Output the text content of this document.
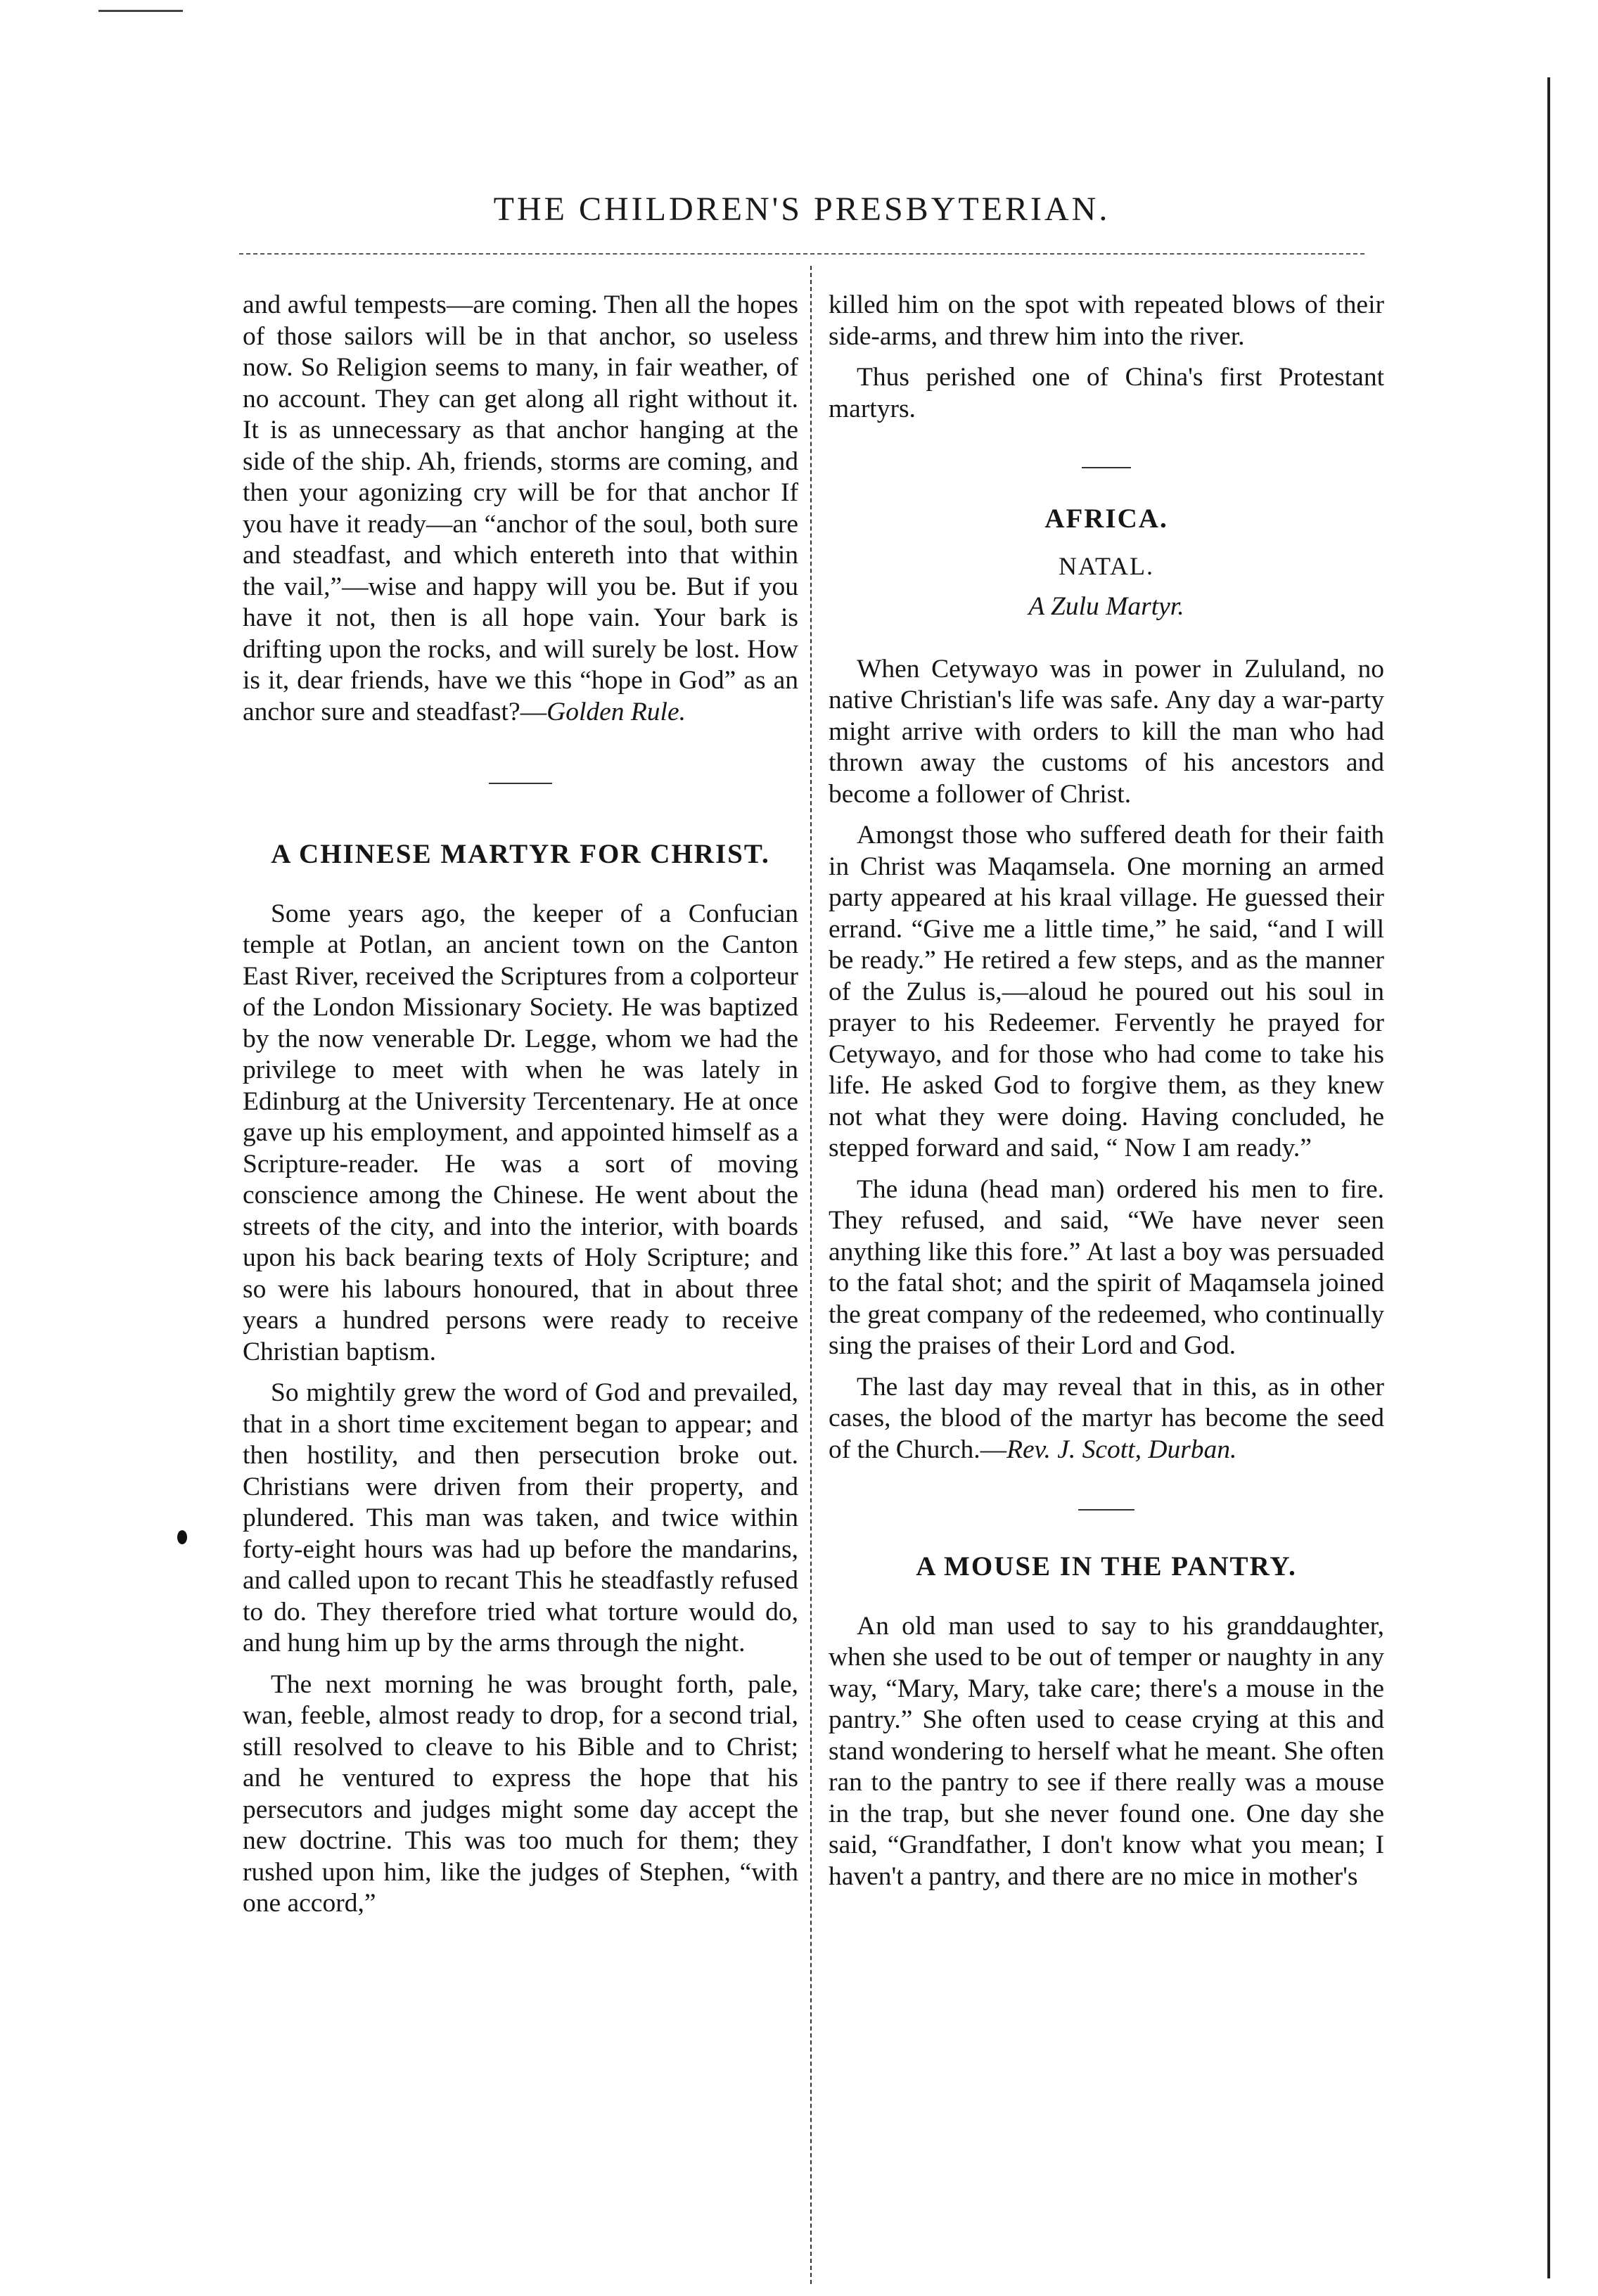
THE CHILDREN'S PRESBYTERIAN.

and awful tempests—are coming. Then all the hopes of those sailors will be in that anchor, so useless now. So Religion seems to many, in fair weather, of no account. They can get along all right without it. It is as unnecessary as that anchor hanging at the side of the ship. Ah, friends, storms are coming, and then your agonizing cry will be for that anchor If you have it ready—an “anchor of the soul, both sure and steadfast, and which entereth into that within the vail,”—wise and happy will you be. But if you have it not, then is all hope vain. Your bark is drifting upon the rocks, and will surely be lost. How is it, dear friends, have we this “hope in God” as an anchor sure and steadfast?—Golden Rule.

A CHINESE MARTYR FOR CHRIST.

Some years ago, the keeper of a Confucian temple at Potlan, an ancient town on the Canton East River, received the Scriptures from a colporteur of the London Missionary Society. He was baptized by the now venerable Dr. Legge, whom we had the privilege to meet with when he was lately in Edinburg at the University Tercentenary. He at once gave up his employment, and appointed himself as a Scripture-reader. He was a sort of moving conscience among the Chinese. He went about the streets of the city, and into the interior, with boards upon his back bearing texts of Holy Scripture; and so were his labours honoured, that in about three years a hundred persons were ready to receive Christian baptism.

So mightily grew the word of God and prevailed, that in a short time excitement began to appear; and then hostility, and then persecution broke out. Christians were driven from their property, and plundered. This man was taken, and twice within forty-eight hours was had up before the mandarins, and called upon to recant This he steadfastly refused to do. They therefore tried what torture would do, and hung him up by the arms through the night.

The next morning he was brought forth, pale, wan, feeble, almost ready to drop, for a second trial, still resolved to cleave to his Bible and to Christ; and he ventured to express the hope that his persecutors and judges might some day accept the new doctrine. This was too much for them; they rushed upon him, like the judges of Stephen, “with one accord,”

killed him on the spot with repeated blows of their side-arms, and threw him into the river.

Thus perished one of China's first Protestant martyrs.

AFRICA.
NATAL.
A Zulu Martyr.

When Cetywayo was in power in Zululand, no native Christian's life was safe. Any day a war-party might arrive with orders to kill the man who had thrown away the customs of his ancestors and become a follower of Christ.

Amongst those who suffered death for their faith in Christ was Maqamsela. One morning an armed party appeared at his kraal village. He guessed their errand. “Give me a little time,” he said, “and I will be ready.” He retired a few steps, and as the manner of the Zulus is,—aloud he poured out his soul in prayer to his Redeemer. Fervently he prayed for Cetywayo, and for those who had come to take his life. He asked God to forgive them, as they knew not what they were doing. Having concluded, he stepped forward and said, “ Now I am ready.”

The iduna (head man) ordered his men to fire. They refused, and said, “We have never seen anything like this fore.” At last a boy was persuaded to the fatal shot; and the spirit of Maqamsela joined the great company of the redeemed, who continually sing the praises of their Lord and God.

The last day may reveal that in this, as in other cases, the blood of the martyr has become the seed of the Church.—Rev. J. Scott, Durban.

A MOUSE IN THE PANTRY.

An old man used to say to his granddaughter, when she used to be out of temper or naughty in any way, “Mary, Mary, take care; there's a mouse in the pantry.” She often used to cease crying at this and stand wondering to herself what he meant. She often ran to the pantry to see if there really was a mouse in the trap, but she never found one. One day she said, “Grandfather, I don't know what you mean; I haven't a pantry, and there are no mice in mother's
